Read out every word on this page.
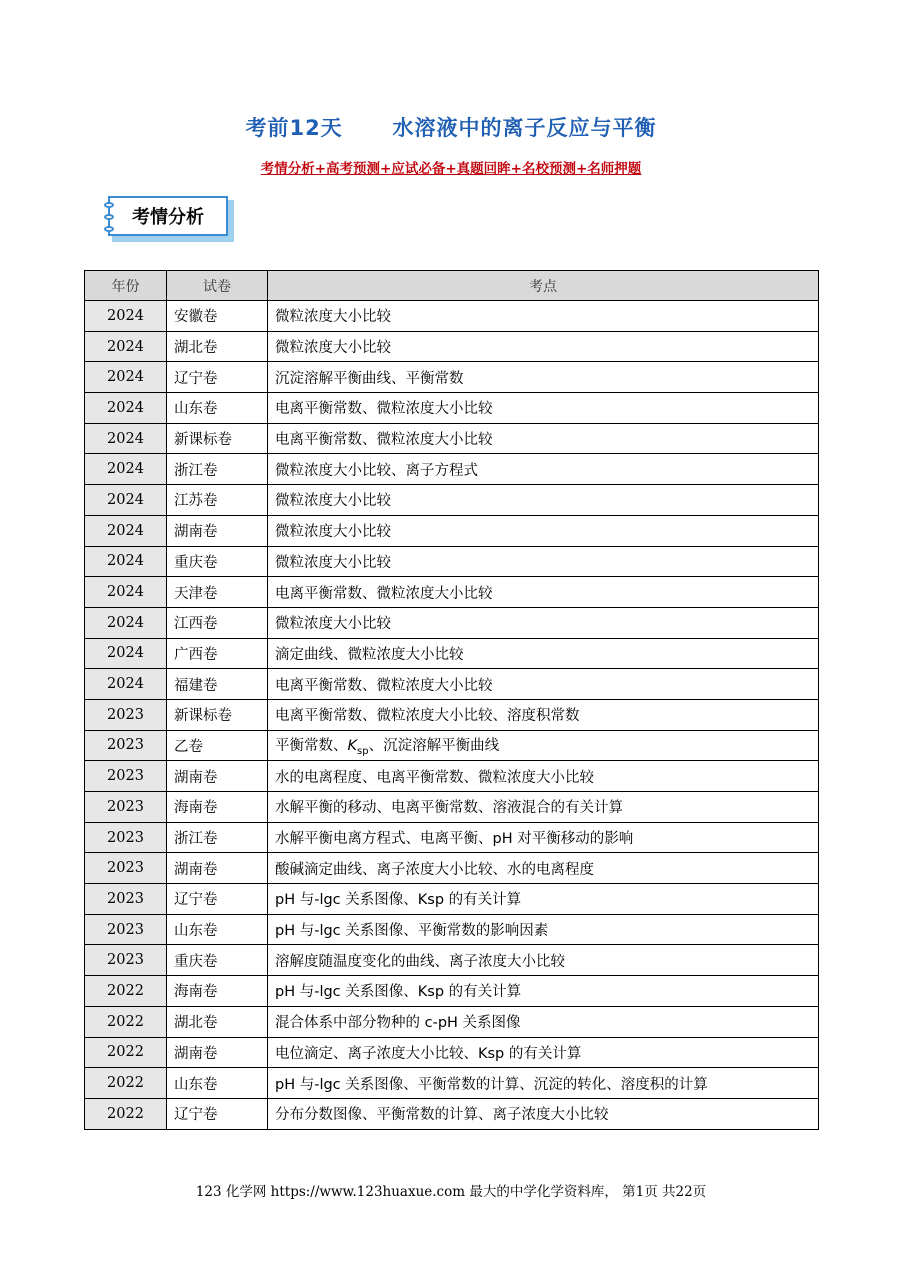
考前12天      水溶液中的离子反应与平衡
考情分析+高考预测+应试必备+真题回眸+名校预测+名师押题
考情分析
年份	试卷	考点
2024	安徽卷	微粒浓度大小比较
2024	湖北卷	微粒浓度大小比较
2024	辽宁卷	沉淀溶解平衡曲线、平衡常数
2024	山东卷	电离平衡常数、微粒浓度大小比较
2024	新课标卷	电离平衡常数、微粒浓度大小比较
2024	浙江卷	微粒浓度大小比较、离子方程式
2024	江苏卷	微粒浓度大小比较
2024	湖南卷	微粒浓度大小比较
2024	重庆卷	微粒浓度大小比较
2024	天津卷	电离平衡常数、微粒浓度大小比较
2024	江西卷	微粒浓度大小比较
2024	广西卷	滴定曲线、微粒浓度大小比较
2024	福建卷	电离平衡常数、微粒浓度大小比较
2023	新课标卷	电离平衡常数、微粒浓度大小比较、溶度积常数
2023	乙卷	平衡常数、$K_{sp}$、沉淀溶解平衡曲线
2023	湖南卷	水的电离程度、电离平衡常数、微粒浓度大小比较
2023	海南卷	水解平衡的移动、电离平衡常数、溶液混合的有关计算
2023	浙江卷	水解平衡电离方程式、电离平衡、pH 对平衡移动的影响
2023	湖南卷	酸碱滴定曲线、离子浓度大小比较、水的电离程度
2023	辽宁卷	pH 与-lgc 关系图像、Ksp 的有关计算
2023	山东卷	pH 与-lgc 关系图像、平衡常数的影响因素
2023	重庆卷	溶解度随温度变化的曲线、离子浓度大小比较
2022	海南卷	pH 与-lgc 关系图像、Ksp 的有关计算
2022	湖北卷	混合体系中部分物种的 c-pH 关系图像
2022	湖南卷	电位滴定、离子浓度大小比较、Ksp 的有关计算
2022	山东卷	pH 与-lgc 关系图像、平衡常数的计算、沉淀的转化、溶度积的计算
2022	辽宁卷	分布分数图像、平衡常数的计算、离子浓度大小比较
123 化学网 https://www.123huaxue.com 最大的中学化学资料库， 第1页 共22页
